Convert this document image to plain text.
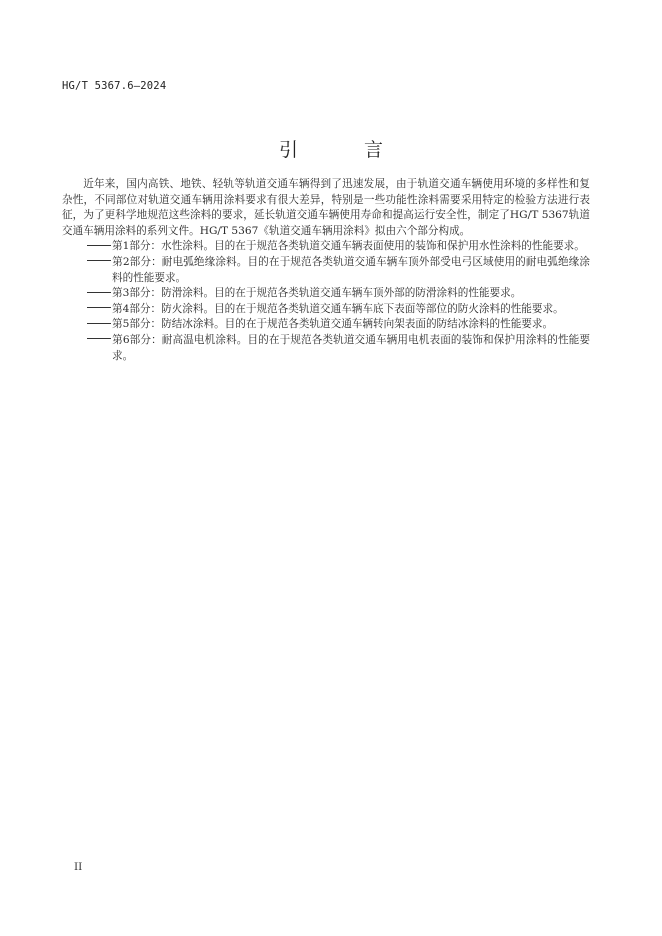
HG/T 5367.6—2024
引 言

近年来，国内高铁、地铁、轻轨等轨道交通车辆得到了迅速发展，由于轨道交通车辆使用环境的多样性和复杂性，不同部位对轨道交通车辆用涂料要求有很大差异，特别是一些功能性涂料需要采用特定的检验方法进行表征，为了更科学地规范这些涂料的要求，延长轨道交通车辆使用寿命和提高运行安全性，制定了HG/T 5367轨道交通车辆用涂料的系列文件。HG/T 5367《轨道交通车辆用涂料》拟由六个部分构成。

第1部分：水性涂料。目的在于规范各类轨道交通车辆表面使用的装饰和保护用水性涂料的性能要求。
第2部分：耐电弧绝缘涂料。目的在于规范各类轨道交通车辆车顶外部受电弓区域使用的耐电弧绝缘涂料的性能要求。
第3部分：防滑涂料。目的在于规范各类轨道交通车辆车顶外部的防滑涂料的性能要求。
第4部分：防火涂料。目的在于规范各类轨道交通车辆车底下表面等部位的防火涂料的性能要求。
第5部分：防结冰涂料。目的在于规范各类轨道交通车辆转向架表面的防结冰涂料的性能要求。
第6部分：耐高温电机涂料。目的在于规范各类轨道交通车辆用电机表面的装饰和保护用涂料的性能要求。
II
